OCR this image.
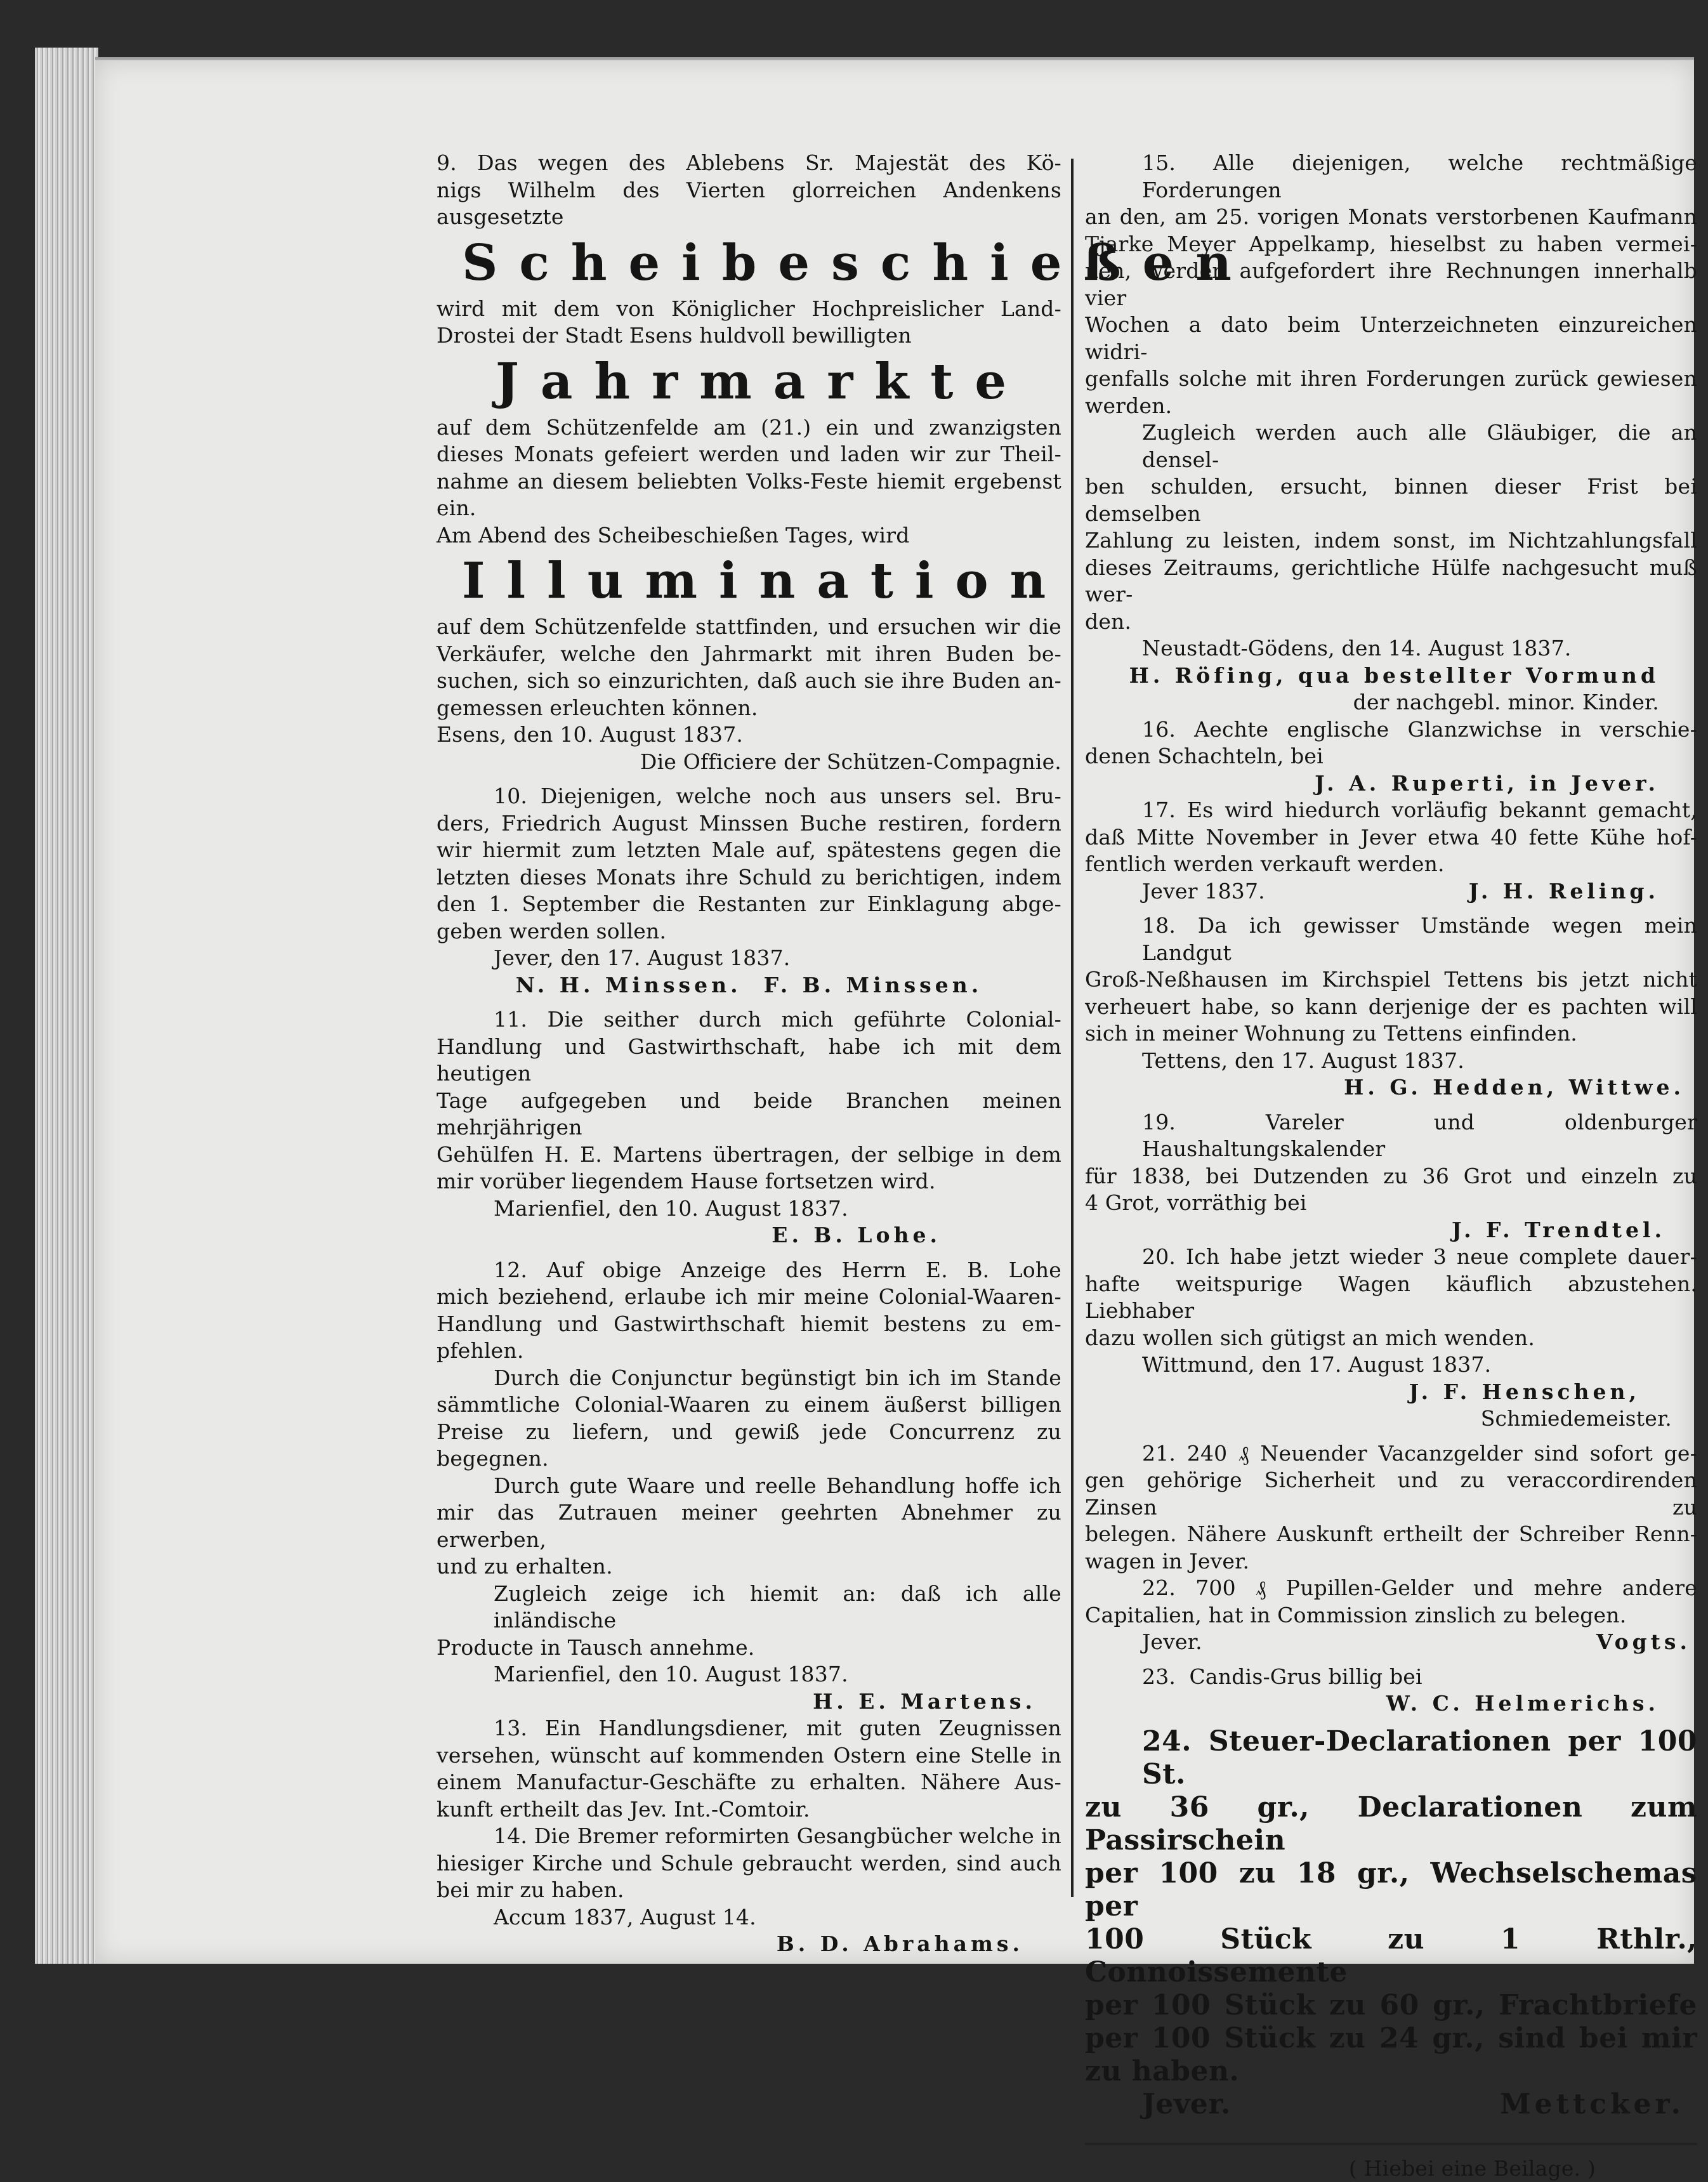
9. Das wegen des Ablebens Sr. Majestät des Kö-
nigs Wilhelm des Vierten glorreichen Andenkens ausgesetzte
Scheibeschießen
wird mit dem von Königlicher Hochpreislicher Land-
Drostei der Stadt Esens huldvoll bewilligten
Jahrmarkte
auf dem Schützenfelde am (21.) ein und zwanzigsten
dieses Monats gefeiert werden und laden wir zur Theil-
nahme an diesem beliebten Volks-Feste hiemit ergebenst ein.
Am Abend des Scheibeschießen Tages, wird
Illumination
auf dem Schützenfelde stattfinden, und ersuchen wir die
Verkäufer, welche den Jahrmarkt mit ihren Buden be-
suchen, sich so einzurichten, daß auch sie ihre Buden an-
gemessen erleuchten können.
Esens, den 10. August 1837.
Die Officiere der Schützen-Compagnie.
10. Diejenigen, welche noch aus unsers sel. Bru-
ders, Friedrich August Minssen Buche restiren, fordern
wir hiermit zum letzten Male auf, spätestens gegen die
letzten dieses Monats ihre Schuld zu berichtigen, indem
den 1. September die Restanten zur Einklagung abge-
geben werden sollen.
Jever, den 17. August 1837.
N. H. Minssen.  F. B. Minssen.
11. Die seither durch mich geführte Colonial-
Handlung und Gastwirthschaft, habe ich mit dem heutigen
Tage aufgegeben und beide Branchen meinen mehrjährigen
Gehülfen H. E. Martens übertragen, der selbige in dem
mir vorüber liegendem Hause fortsetzen wird.
Marienfiel, den 10. August 1837.
E. B. Lohe.
12. Auf obige Anzeige des Herrn E. B. Lohe
mich beziehend, erlaube ich mir meine Colonial-Waaren-
Handlung und Gastwirthschaft hiemit bestens zu em-
pfehlen.
Durch die Conjunctur begünstigt bin ich im Stande
sämmtliche Colonial-Waaren zu einem äußerst billigen
Preise zu liefern, und gewiß jede Concurrenz zu begegnen.
Durch gute Waare und reelle Behandlung hoffe ich
mir das Zutrauen meiner geehrten Abnehmer zu erwerben,
und zu erhalten.
Zugleich zeige ich hiemit an: daß ich alle inländische
Producte in Tausch annehme.
Marienfiel, den 10. August 1837.
H. E. Martens.
13. Ein Handlungsdiener, mit guten Zeugnissen
versehen, wünscht auf kommenden Ostern eine Stelle in
einem Manufactur-Geschäfte zu erhalten. Nähere Aus-
kunft ertheilt das Jev. Int.-Comtoir.
14. Die Bremer reformirten Gesangbücher welche in
hiesiger Kirche und Schule gebraucht werden, sind auch
bei mir zu haben.
Accum 1837, August 14.
B. D. Abrahams.
15. Alle diejenigen, welche rechtmäßige Forderungen
an den, am 25. vorigen Monats verstorbenen Kaufmann
Tjarke Meyer Appelkamp, hieselbst zu haben vermei-
nen, werden aufgefordert ihre Rechnungen innerhalb vier
Wochen a dato beim Unterzeichneten einzureichen widri-
genfalls solche mit ihren Forderungen zurück gewiesen
werden.
Zugleich werden auch alle Gläubiger, die an densel-
ben schulden, ersucht, binnen dieser Frist bei demselben
Zahlung zu leisten, indem sonst, im Nichtzahlungsfall
dieses Zeitraums, gerichtliche Hülfe nachgesucht muß wer-
den.
Neustadt-Gödens, den 14. August 1837.
H. Röfing, qua bestellter Vormund
der nachgebl. minor. Kinder.
16. Aechte englische Glanzwichse in verschie-
denen Schachteln, bei
J. A. Ruperti, in Jever.
17. Es wird hiedurch vorläufig bekannt gemacht,
daß Mitte November in Jever etwa 40 fette Kühe hof-
fentlich werden verkauft werden.
Jever 1837.	J. H. Reling.
18. Da ich gewisser Umstände wegen mein Landgut
Groß-Neßhausen im Kirchspiel Tettens bis jetzt nicht
verheuert habe, so kann derjenige der es pachten will
sich in meiner Wohnung zu Tettens einfinden.
Tettens, den 17. August 1837.
H. G. Hedden, Wittwe.
19. Vareler und oldenburger Haushaltungskalender
für 1838, bei Dutzenden zu 36 Grot und einzeln zu
4 Grot, vorräthig bei
J. F. Trendtel.
20. Ich habe jetzt wieder 3 neue complete dauer-
hafte weitspurige Wagen käuflich abzustehen. Liebhaber
dazu wollen sich gütigst an mich wenden.
Wittmund, den 17. August 1837.
J. F. Henschen,
Schmiedemeister.
21. 240 ₰ Neuender Vacanzgelder sind sofort ge-
gen gehörige Sicherheit und zu veraccordirenden Zinsen zu
belegen. Nähere Auskunft ertheilt der Schreiber Renn-
wagen in Jever.
22. 700 ₰ Pupillen-Gelder und mehre andere
Capitalien, hat in Commission zinslich zu belegen.
Jever.	Vogts.
23.  Candis-Grus billig bei
W. C. Helmerichs.
24. Steuer-Declarationen per 100 St.
zu 36 gr., Declarationen zum Passirschein
per 100 zu 18 gr., Wechselschemas per
100 Stück zu 1 Rthlr., Connoissemente
per 100 Stück zu 60 gr., Frachtbriefe
per 100 Stück zu 24 gr., sind bei mir
zu haben.
Jever.	Mettcker.
( Hiebei eine Beilage. )
